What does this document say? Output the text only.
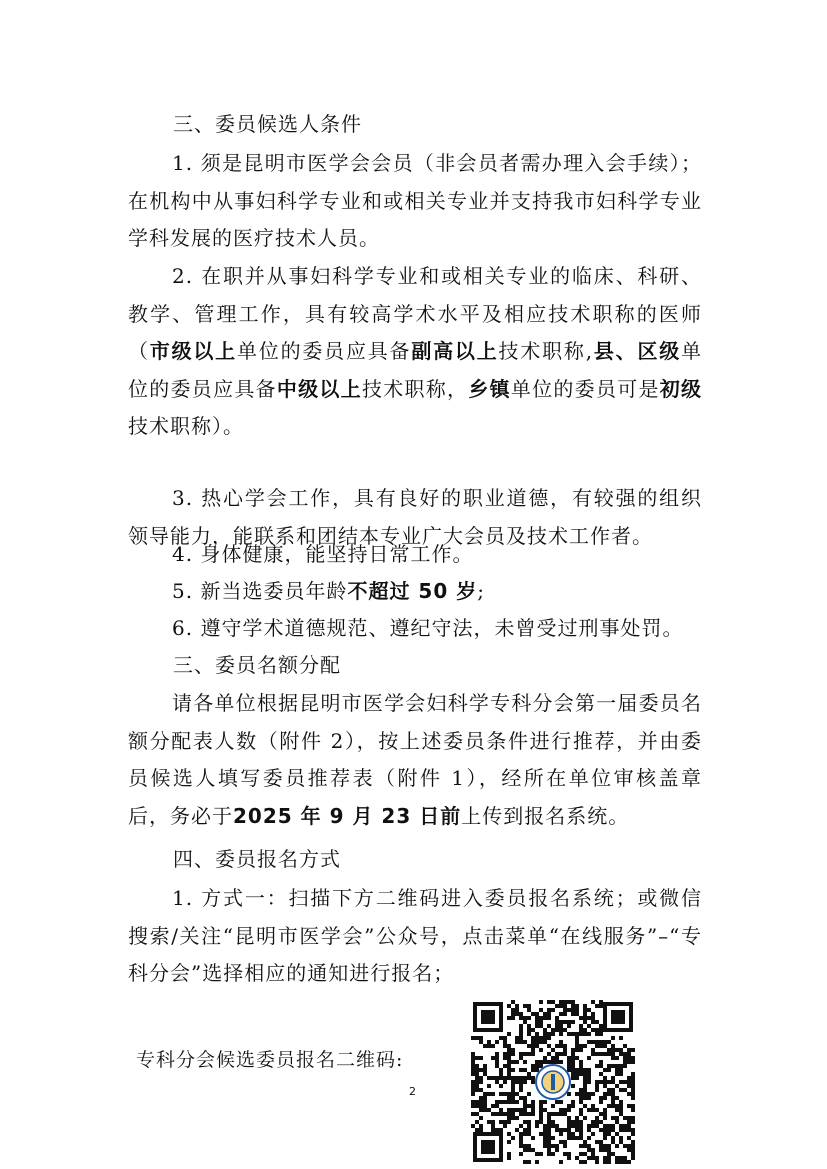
三、委员候选人条件
1. 须是昆明市医学会会员（非会员者需办理入会手续）；在机构中从事妇科学专业和或相关专业并支持我市妇科学专业学科发展的医疗技术人员。
2. 在职并从事妇科学专业和或相关专业的临床、科研、教学、管理工作，具有较高学术水平及相应技术职称的医师（市级以上单位的委员应具备副高以上技术职称,县、区级单位的委员应具备中级以上技术职称，乡镇单位的委员可是初级技术职称）。
3. 热心学会工作，具有良好的职业道德，有较强的组织领导能力，能联系和团结本专业广大会员及技术工作者。
4. 身体健康，能坚持日常工作。
5. 新当选委员年龄不超过 50 岁;
6. 遵守学术道德规范、遵纪守法，未曾受过刑事处罚。
三、委员名额分配
请各单位根据昆明市医学会妇科学专科分会第一届委员名额分配表人数（附件 2），按上述委员条件进行推荐，并由委员候选人填写委员推荐表（附件 1），经所在单位审核盖章后，务必于2025 年 9 月 23 日前上传到报名系统。
四、委员报名方式
1. 方式一：扫描下方二维码进入委员报名系统；或微信搜索/关注“昆明市医学会”公众号，点击菜单“在线服务”–“专科分会”选择相应的通知进行报名；
专科分会候选委员报名二维码:
2
